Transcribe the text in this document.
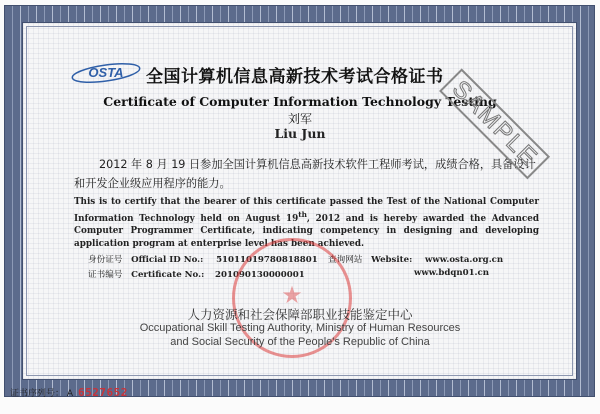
OSTA 全国计算机信息高新技术考试合格证书
Certificate of Computer Information Technology Testing
刘军
Liu Jun
2012 年 8 月 19 日参加全国计算机信息高新技术软件工程师考试，成绩合格，具备设计和开发企业级应用程序的能力。
This is to certify that the bearer of this certificate passed the Test of the National Computer Information Technology held on August 19th, 2012 and is hereby awarded the Advanced Computer Programmer Certificate, indicating competency in designing and developing application program at enterprise level has been achieved.
身份证号 Official ID No.: 51011019780818801
证书编号 Certificate No.: 201090130000001
查询网站 Website: www.osta.org.cn
www.bdqn01.cn
★
人力资源和社会保障部职业技能鉴定中心
Occupational Skill Testing Authority, Ministry of Human Resources
and Social Security of the People's Republic of China
证书序列号： A 6527652
SAMPLE
